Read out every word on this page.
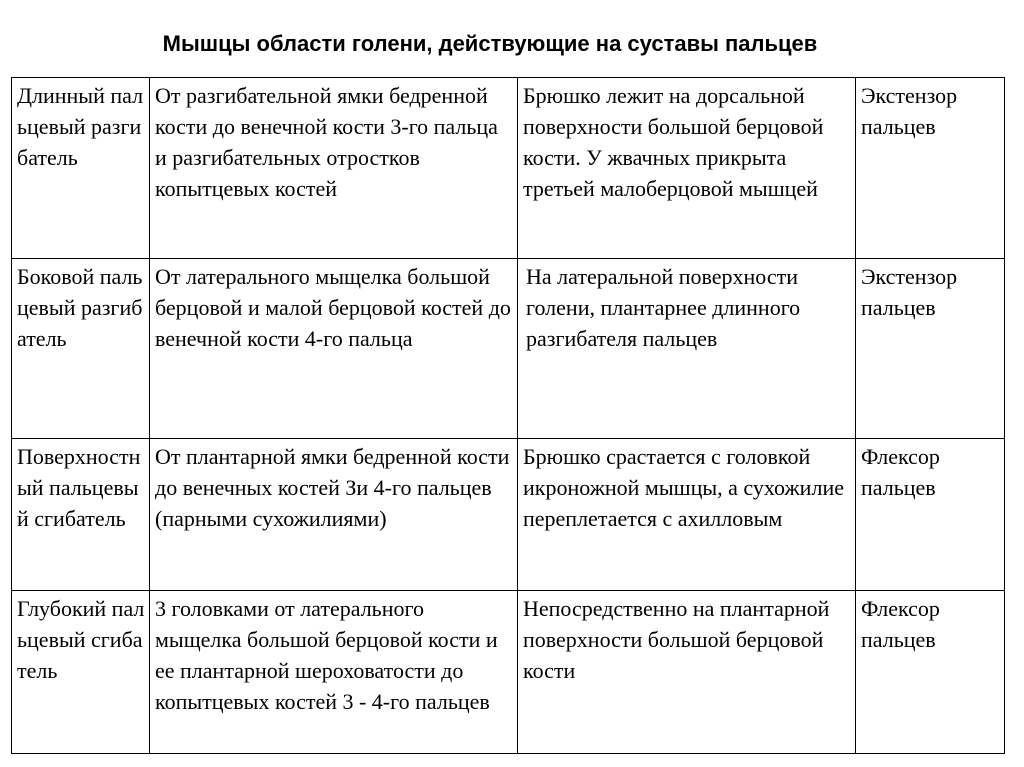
Мышцы области голени, действующие на суставы пальцев
Длинный пальцевый разгибатель	От разгибательной ямки бедренной кости до венечной кости 3-го пальца и разгибательных отростков копытцевых костей	Брюшко лежит на дорсальной поверхности большой берцовой кости. У жвачных прикрыта третьей малоберцовой мышцей	Экстензор пальцев
Боковой пальцевый разгибатель	От латерального мыщелка большой берцовой и малой берцовой костей до венечной кости 4-го пальца	На латеральной поверхности голени, плантарнее длинного разгибателя пальцев	Экстензор пальцев
Поверхностный пальцевый сгибатель	От плантарной ямки бедренной кости до венечных костей Зи 4-го пальцев (парными сухожилиями)	Брюшко срастается с головкой икроножной мышцы, а сухожилие переплетается с ахилловым	Флексор пальцев
Глубокий пальцевый сгибатель	3 головками от латерального мыщелка большой берцовой кости и ее плантарной шероховатости до копытцевых костей 3 - 4-го пальцев	Непосредственно на плантарной поверхности большой берцовой кости	Флексор пальцев
